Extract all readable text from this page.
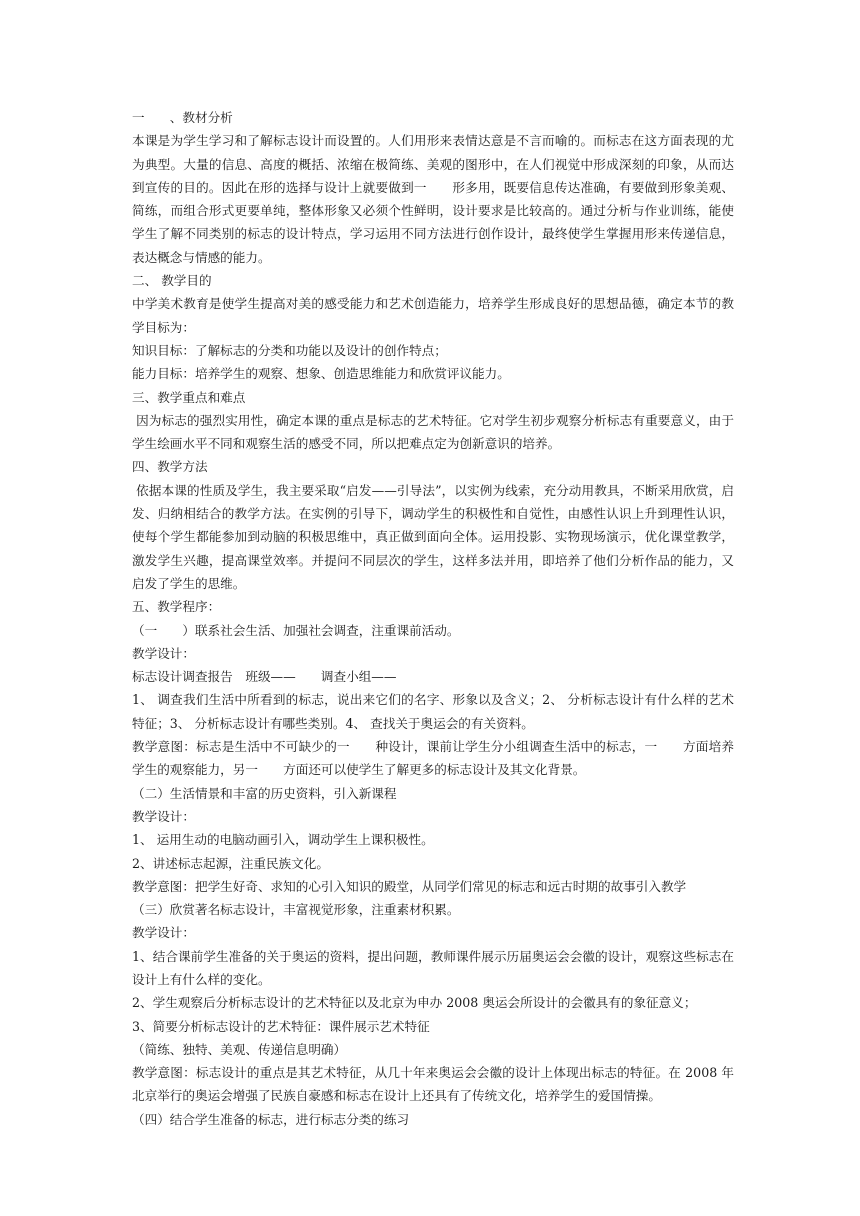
一　　、教材分析
本课是为学生学习和了解标志设计而设置的。人们用形来表情达意是不言而喻的。而标志在这方面表现的尤为典型。大量的信息、高度的概括、浓缩在极简练、美观的图形中，在人们视觉中形成深刻的印象，从而达到宣传的目的。因此在形的选择与设计上就要做到一　　形多用，既要信息传达准确，有要做到形象美观、简练，而组合形式更要单纯，整体形象又必须个性鲜明，设计要求是比较高的。通过分析与作业训练，能使学生了解不同类别的标志的设计特点，学习运用不同方法进行创作设计，最终使学生掌握用形来传递信息，表达概念与情感的能力。
二、 教学目的
中学美术教育是使学生提高对美的感受能力和艺术创造能力，培养学生形成良好的思想品德，确定本节的教学目标为：
知识目标：了解标志的分类和功能以及设计的创作特点；
能力目标：培养学生的观察、想象、创造思维能力和欣赏评议能力。
三、教学重点和难点
因为标志的强烈实用性，确定本课的重点是标志的艺术特征。它对学生初步观察分析标志有重要意义，由于学生绘画水平不同和观察生活的感受不同，所以把难点定为创新意识的培养。
四、教学方法
依据本课的性质及学生，我主要采取“启发——引导法”，以实例为线索，充分动用教具，不断采用欣赏，启发、归纳相结合的教学方法。在实例的引导下，调动学生的积极性和自觉性，由感性认识上升到理性认识，使每个学生都能参加到动脑的积极思维中，真正做到面向全体。运用投影、实物现场演示，优化课堂教学，激发学生兴趣，提高课堂效率。并提问不同层次的学生，这样多法并用，即培养了他们分析作品的能力，又启发了学生的思维。
五、教学程序：
（一　　）联系社会生活、加强社会调查，注重课前活动。
教学设计：
标志设计调查报告　班级——　　调查小组——
1、 调查我们生活中所看到的标志，说出来它们的名字、形象以及含义；2、 分析标志设计有什么样的艺术特征；3、 分析标志设计有哪些类别。4、 查找关于奥运会的有关资料。
教学意图：标志是生活中不可缺少的一　　种设计，课前让学生分小组调查生活中的标志，一　　方面培养学生的观察能力，另一　　方面还可以使学生了解更多的标志设计及其文化背景。
（二）生活情景和丰富的历史资料，引入新课程
教学设计：
1、 运用生动的电脑动画引入，调动学生上课积极性。
2、讲述标志起源，注重民族文化。
教学意图：把学生好奇、求知的心引入知识的殿堂，从同学们常见的标志和远古时期的故事引入教学
（三）欣赏著名标志设计，丰富视觉形象，注重素材积累。
教学设计：
1、结合课前学生准备的关于奥运的资料，提出问题，教师课件展示历届奥运会会徽的设计，观察这些标志在设计上有什么样的变化。
2、学生观察后分析标志设计的艺术特征以及北京为申办 2008 奥运会所设计的会徽具有的象征意义；
3、简要分析标志设计的艺术特征：课件展示艺术特征
（简练、独特、美观、传递信息明确）
教学意图：标志设计的重点是其艺术特征，从几十年来奥运会会徽的设计上体现出标志的特征。在 2008 年北京举行的奥运会增强了民族自豪感和标志在设计上还具有了传统文化，培养学生的爱国情操。
（四）结合学生准备的标志，进行标志分类的练习
